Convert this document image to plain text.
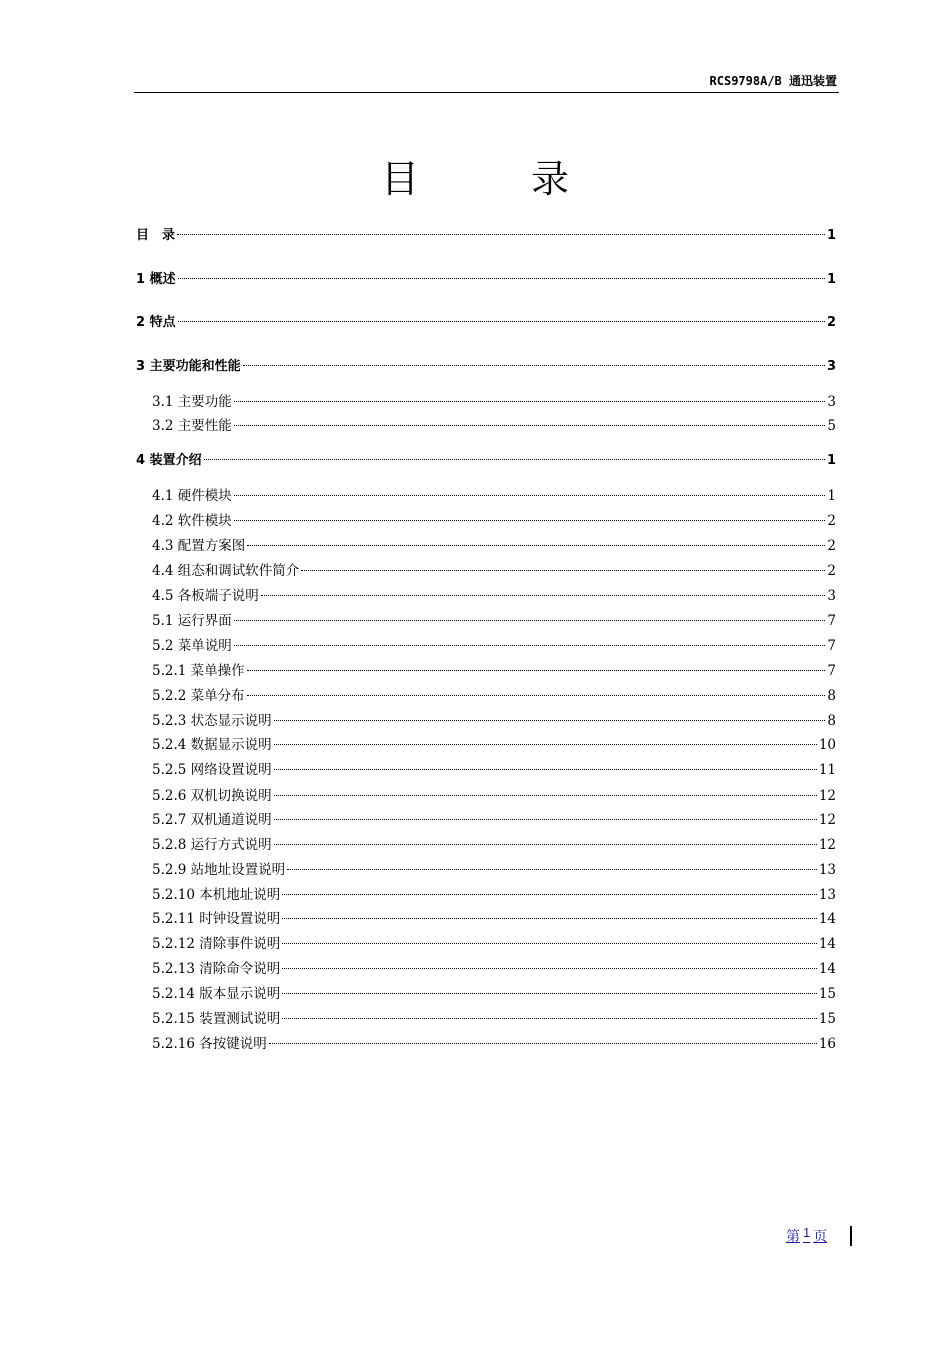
RCS9798A/B 通迅装置
目 录
目　录	1
1 概述	1
2 特点	2
3 主要功能和性能	3
3.1 主要功能	3
3.2 主要性能	5
4 装置介绍	1
4.1 硬件模块	1
4.2 软件模块	2
4.3 配置方案图	2
4.4 组态和调试软件简介	2
4.5 各板端子说明	3
5.1 运行界面	7
5.2 菜单说明	7
5.2.1 菜单操作	7
5.2.2 菜单分布	8
5.2.3 状态显示说明	8
5.2.4 数据显示说明	10
5.2.5 网络设置说明	11
5.2.6 双机切换说明	12
5.2.7 双机通道说明	12
5.2.8 运行方式说明	12
5.2.9 站地址设置说明	13
5.2.10 本机地址说明	13
5.2.11 时钟设置说明	14
5.2.12 清除事件说明	14
5.2.13 清除命令说明	14
5.2.14 版本显示说明	15
5.2.15 装置测试说明	15
5.2.16 各按键说明	16
第 1 页
